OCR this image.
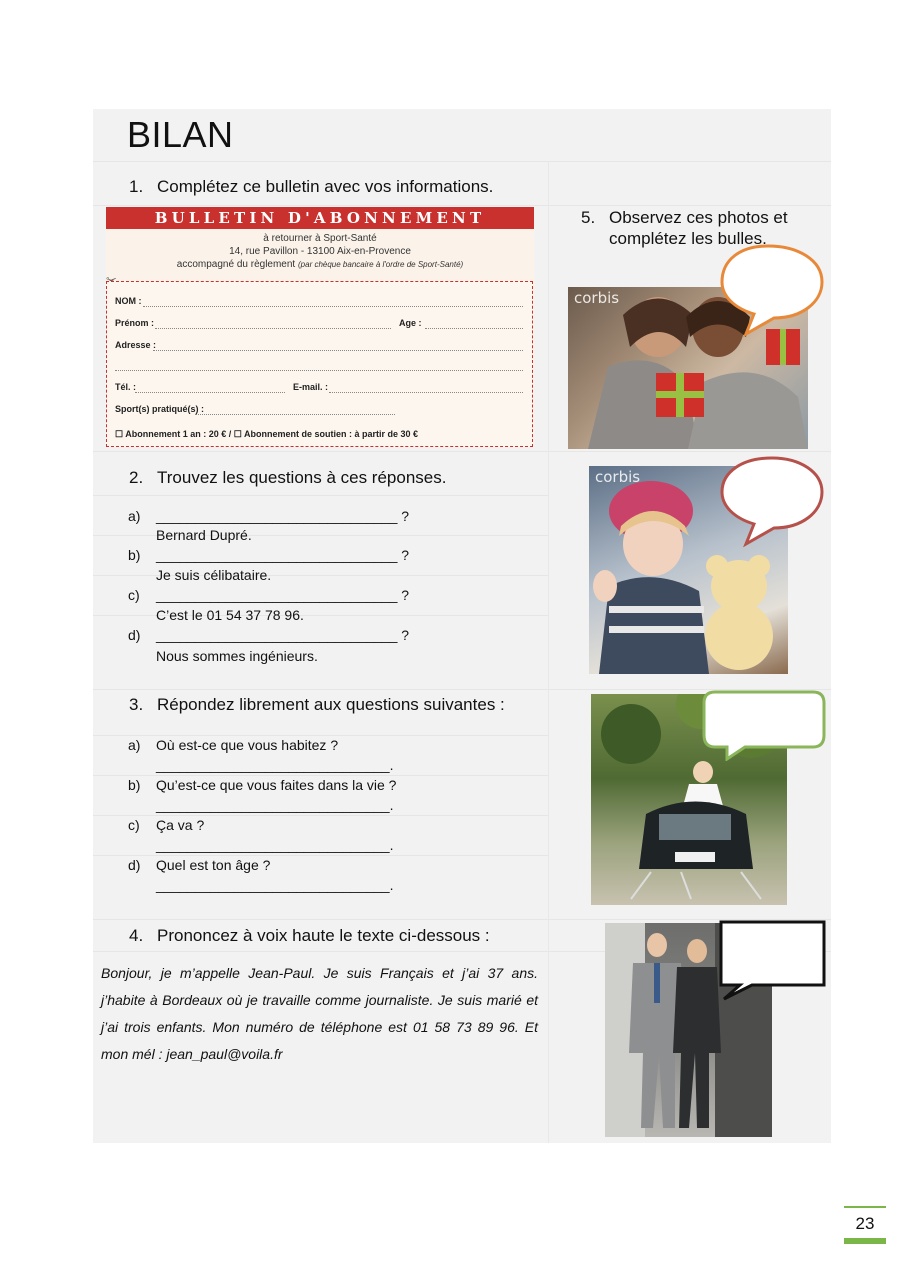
BILAN
1. Complétez ce bulletin avec vos informations.
BULLETIN D'ABONNEMENT
à retourner à Sport-Santé
14, rue Pavillon - 13100 Aix-en-Provence
accompagné du règlement (par chèque bancaire à l'ordre de Sport-Santé)
NOM :
Prénom :	Age :
Adresse :
Tél. :	E-mail. :
Sport(s) pratiqué(s) :
☐ Abonnement 1 an : 20 € / ☐ Abonnement de soutien : à partir de 30 €
2. Trouvez les questions à ces réponses.
a) _______________________________ ?
Bernard Dupré.
b) _______________________________ ?
Je suis célibataire.
c) _______________________________ ?
C’est le 01 54 37 78 96.
d) _______________________________ ?
Nous sommes ingénieurs.
3. Répondez librement aux questions suivantes :
a) Où est-ce que vous habitez ?
______________________________.
b) Qu’est-ce que vous faites dans la vie ?
______________________________.
c) Ça va ?
______________________________.
d) Quel est ton âge ?
______________________________.
4. Prononcez à voix haute le texte ci-dessous :
Bonjour, je m’appelle Jean-Paul. Je suis Français et j’ai 37 ans. j’habite à Bordeaux où je travaille comme journaliste. Je suis marié et j’ai trois enfants. Mon numéro de téléphone est 01 58 73 89 96. Et mon mél : jean_paul@voila.fr
5. Observez ces photos et
complétez les bulles.
corbis
corbis
23
